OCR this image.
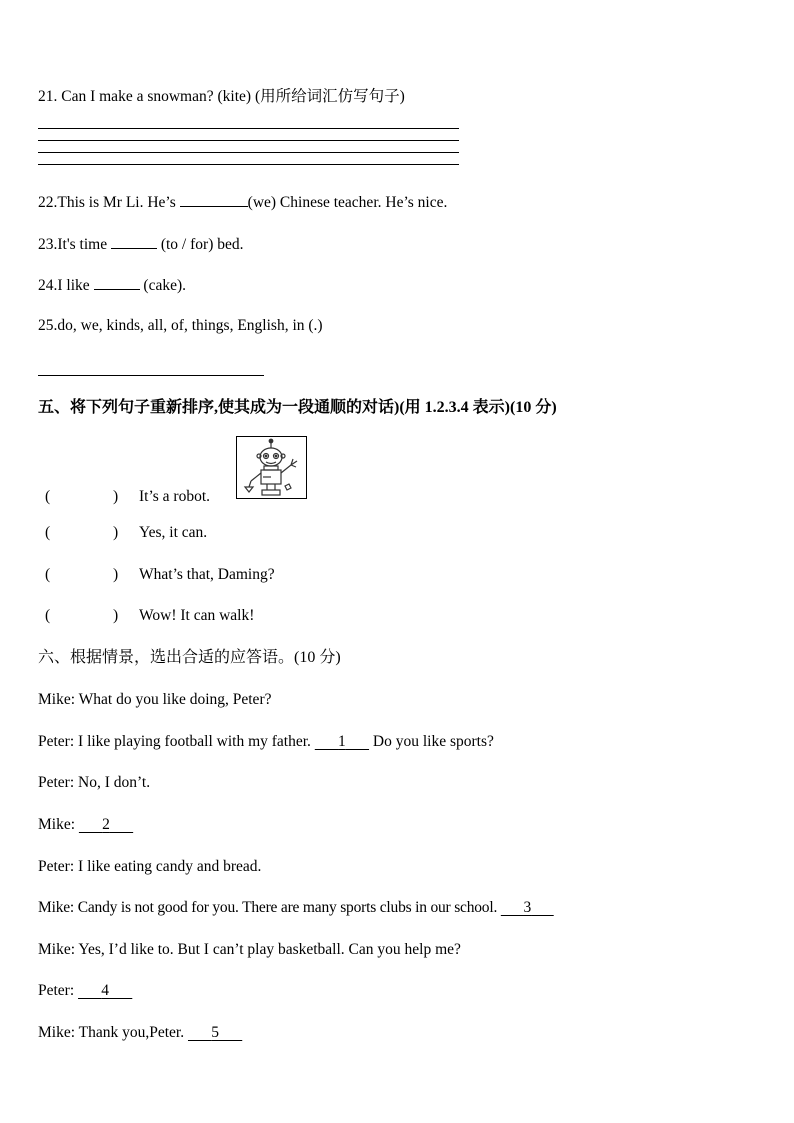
21. Can I make a snowman? (kite) (用所给词汇仿写句子)
22.This is Mr Li. He’s	(we) Chinese teacher. He’s nice.
23.It's time	(to / for) bed.
24.I like	(cake).
25.do, we, kinds, all, of, things, English, in (.)
五、将下列句子重新排序,使其成为一段通顺的对话)(用 1.2.3.4 表示)(10 分)
(	) It’s a robot.
(	) Yes, it can.
(	) What’s that, Daming?
(	) Wow! It can walk!
六、根据情景，选出合适的应答语。(10 分)
Mike: What do you like doing, Peter?
Peter: I like playing football with my father.     1    Do you like sports?
Peter: No, I don’t.
Mike:     2   
Peter: I like eating candy and bread.
Mike: Candy is not good for you. There are many sports clubs in our school.     3   
Mike: Yes, I’d like to. But I can’t play basketball. Can you help me?
Peter:     4   
Mike: Thank you,Peter.     5   
